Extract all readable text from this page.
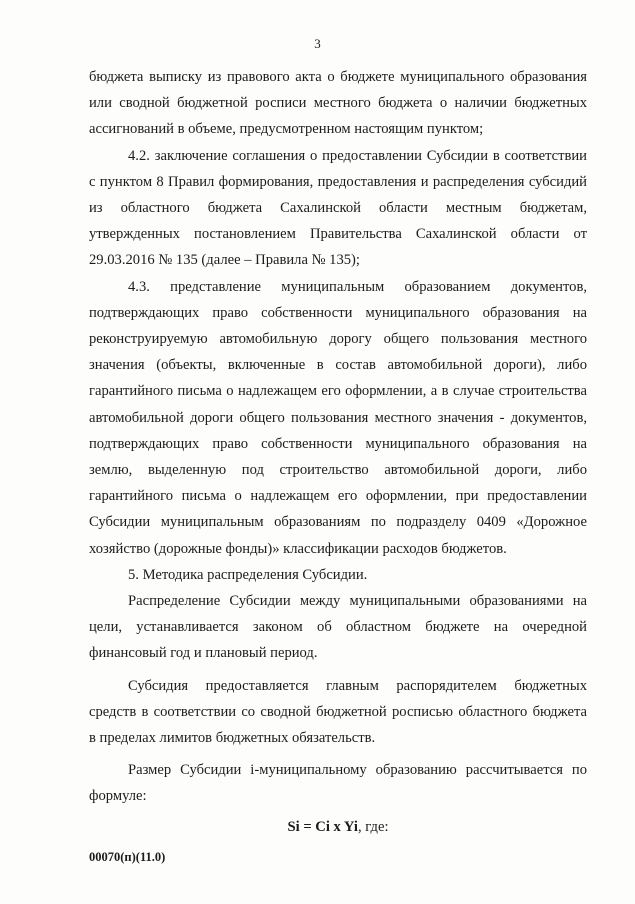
3
бюджета выписку из правового акта о бюджете муниципального образования
или сводной бюджетной росписи местного бюджета о наличии бюджетных
ассигнований в объеме, предусмотренном настоящим пунктом;
4.2. заключение соглашения о предоставлении Субсидии в соответствии
с пунктом 8 Правил формирования, предоставления и распределения субсидий
из областного бюджета Сахалинской области местным бюджетам,
утвержденных постановлением Правительства Сахалинской области от
29.03.2016 № 135 (далее – Правила № 135);
4.3. представление муниципальным образованием документов,
подтверждающих право собственности муниципального образования на
реконструируемую автомобильную дорогу общего пользования местного
значения (объекты, включенные в состав автомобильной дороги), либо
гарантийного письма о надлежащем его оформлении, а в случае строительства
автомобильной дороги общего пользования местного значения - документов,
подтверждающих право собственности муниципального образования на
землю, выделенную под строительство автомобильной дороги, либо
гарантийного письма о надлежащем его оформлении, при предоставлении
Субсидии муниципальным образованиям по подразделу 0409 «Дорожное
хозяйство (дорожные фонды)» классификации расходов бюджетов.
5. Методика распределения Субсидии.
Распределение Субсидии между муниципальными образованиями на
цели, устанавливается законом об областном бюджете на очередной
финансовый год и плановый период.
Субсидия предоставляется главным распорядителем бюджетных
средств в соответствии со сводной бюджетной росписью областного бюджета
в пределах лимитов бюджетных обязательств.
Размер Субсидии i-муниципальному образованию рассчитывается по
формуле:
Si = Ci x Yi, где:
00070(п)(11.0)
